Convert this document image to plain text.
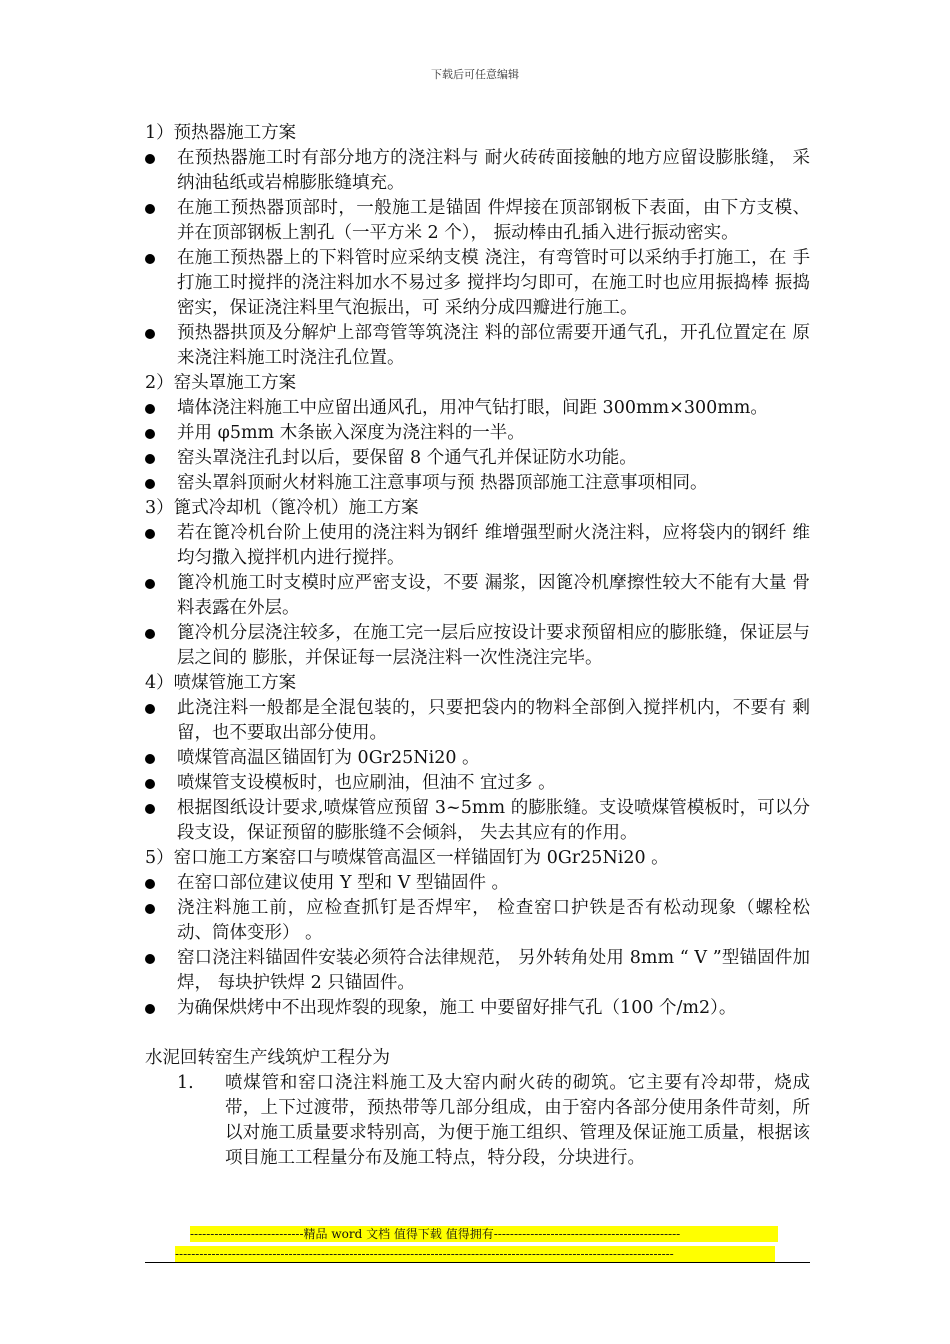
下载后可任意编辑
1）预热器施工方案
在预热器施工时有部分地方的浇注料与 耐火砖砖面接触的地方应留设膨胀缝， 采纳油毡纸或岩棉膨胀缝填充。
在施工预热器顶部时，一般施工是锚固 件焊接在顶部钢板下表面，由下方支模、 并在顶部钢板上割孔（一平方米 2 个）， 振动棒由孔插入进行振动密实。
在施工预热器上的下料管时应采纳支模 浇注，有弯管时可以采纳手打施工，在 手打施工时搅拌的浇注料加水不易过多 搅拌均匀即可，在施工时也应用振捣棒 振捣密实，保证浇注料里气泡振出，可 采纳分成四瓣进行施工。
预热器拱顶及分解炉上部弯管等筑浇注 料的部位需要开通气孔，开孔位置定在 原来浇注料施工时浇注孔位置。
2）窑头罩施工方案
墙体浇注料施工中应留出通风孔，用冲气钻打眼，间距 300mm×300mm。
并用 φ5mm 木条嵌入深度为浇注料的一半。
窑头罩浇注孔封以后，要保留 8 个通气孔并保证防水功能。
窑头罩斜顶耐火材料施工注意事项与预 热器顶部施工注意事项相同。
3）篦式冷却机（篦冷机）施工方案
若在篦冷机台阶上使用的浇注料为钢纤 维增强型耐火浇注料，应将袋内的钢纤 维均匀撒入搅拌机内进行搅拌。
篦冷机施工时支模时应严密支设，不要 漏浆，因篦冷机摩擦性较大不能有大量 骨料表露在外层。
篦冷机分层浇注较多，在施工完一层后应按设计要求预留相应的膨胀缝，保证层与层之间的 膨胀，并保证每一层浇注料一次性浇注完毕。
4）喷煤管施工方案
此浇注料一般都是全混包装的，只要把袋内的物料全部倒入搅拌机内，不要有 剩留，也不要取出部分使用。
喷煤管高温区锚固钉为 0Gr25Ni20 。
喷煤管支设模板时，也应刷油，但油不 宜过多 。
根据图纸设计要求,喷煤管应预留 3~5mm 的膨胀缝。支设喷煤管模板时，可以分 段支设，保证预留的膨胀缝不会倾斜， 失去其应有的作用。
5）窑口施工方案窑口与喷煤管高温区一样锚固钉为 0Gr25Ni20 。
在窑口部位建议使用 Y 型和 V 型锚固件 。
浇注料施工前，应检查抓钉是否焊牢， 检查窑口护铁是否有松动现象（螺栓松 动、筒体变形） 。
窑口浇注料锚固件安装必须符合法律规范， 另外转角处用 8mm “ V ”型锚固件加焊， 每块护铁焊 2 只锚固件。
为确保烘烤中不出现炸裂的现象，施工 中要留好排气孔（100 个/m2）。
水泥回转窑生产线筑炉工程分为
1. 喷煤管和窑口浇注料施工及大窑内耐火砖的砌筑。它主要有冷却带，烧成带，上下过渡带，预热带等几部分组成，由于窑内各部分使用条件苛刻，所以对施工质量要求特别高，为便于施工组织、管理及保证施工质量，根据该项目施工工程量分布及施工特点，特分段，分块进行。
----------------------------精品 word 文档 值得下载 值得拥有----------------------------------------------
---------------------------------------------------------------------------------------------------------------------------
